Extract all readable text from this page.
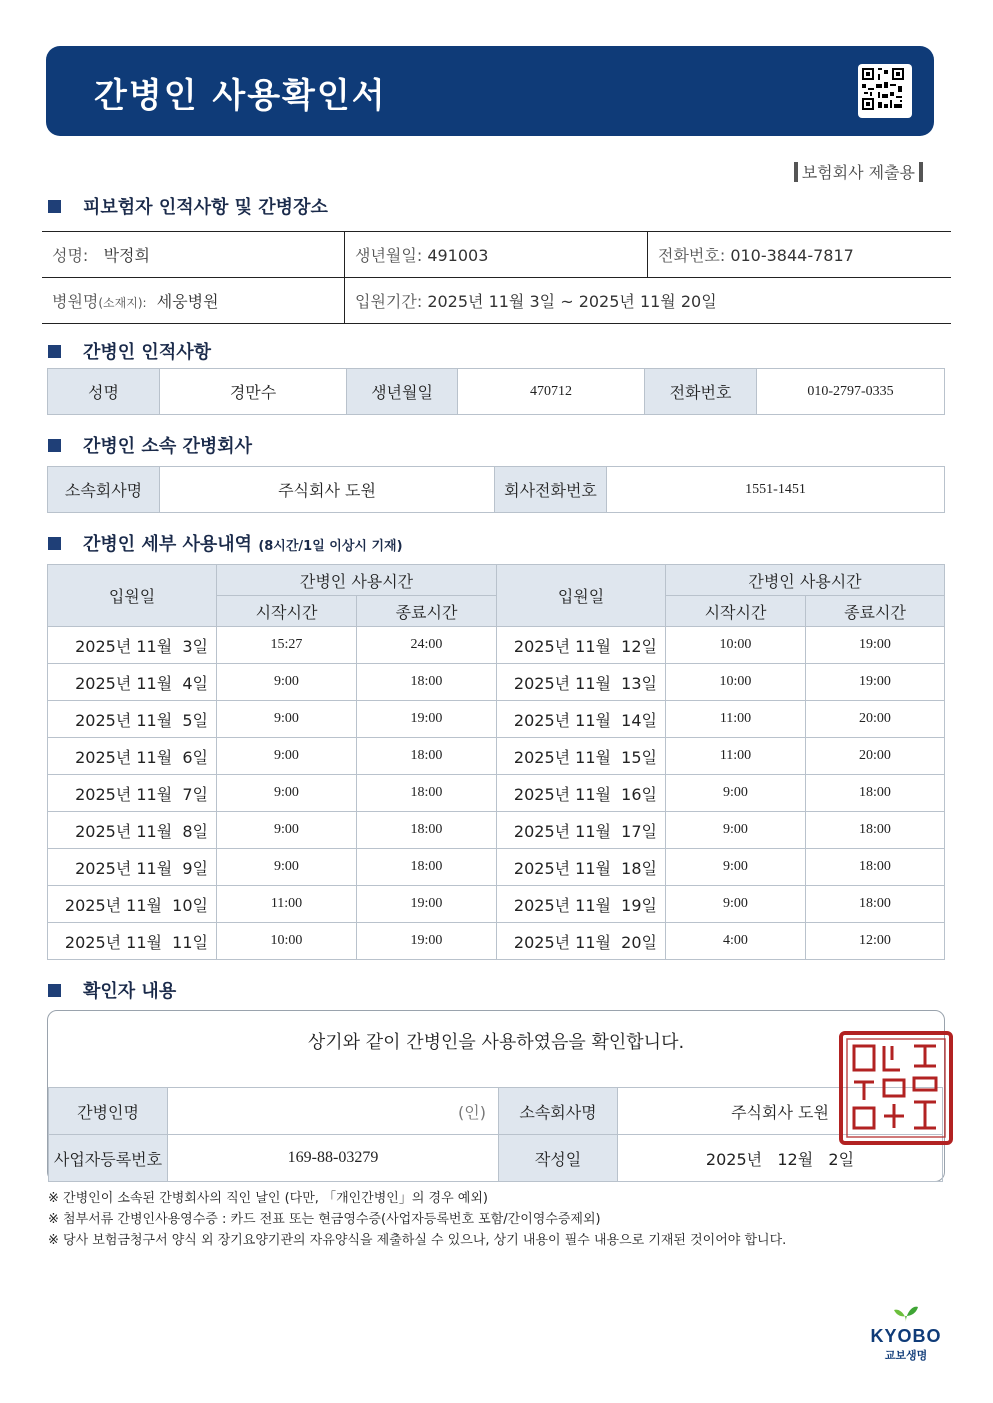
간병인 사용확인서
보험회사 제출용
피보험자 인적사항 및 간병장소
성명: 박정희	생년월일: 491003	전화번호: 010-3844-7817
병원명(소재지): 세웅병원	입원기간: 2025년 11월 3일 ~ 2025년 11월 20일	
간병인 인적사항
성명	경만수	생년월일	470712	전화번호	010-2797-0335
간병인 소속 간병회사
소속회사명	주식회사 도원	회사전화번호	1551-1451
간병인 세부 사용내역 (8시간/1일 이상시 기재)
입원일	간병인 사용시간		입원일	간병인 사용시간	
	시작시간	종료시간		시작시간	종료시간
2025년 11월  3일	15:27	24:00	2025년 11월  12일	10:00	19:00
2025년 11월  4일	9:00	18:00	2025년 11월  13일	10:00	19:00
2025년 11월  5일	9:00	19:00	2025년 11월  14일	11:00	20:00
2025년 11월  6일	9:00	18:00	2025년 11월  15일	11:00	20:00
2025년 11월  7일	9:00	18:00	2025년 11월  16일	9:00	18:00
2025년 11월  8일	9:00	18:00	2025년 11월  17일	9:00	18:00
2025년 11월  9일	9:00	18:00	2025년 11월  18일	9:00	18:00
2025년 11월  10일	11:00	19:00	2025년 11월  19일	9:00	18:00
2025년 11월  11일	10:00	19:00	2025년 11월  20일	4:00	12:00
확인자 내용
상기와 같이 간병인을 사용하였음을 확인합니다.
간병인명	(인)	소속회사명	주식회사 도원
사업자등록번호	169-88-03279	작성일	2025년   12월   2일
※ 간병인이 소속된 간병회사의 직인 날인 (다만, 「개인간병인」의 경우 예외)
※ 첨부서류 간병인사용영수증 : 카드 전표 또는 현금영수증(사업자등록번호 포함/간이영수증제외)
※ 당사 보험금청구서 양식 외 장기요양기관의 자유양식을 제출하실 수 있으나, 상기 내용이 필수 내용으로 기재된 것이어야 합니다.
KYOBO
교보생명
